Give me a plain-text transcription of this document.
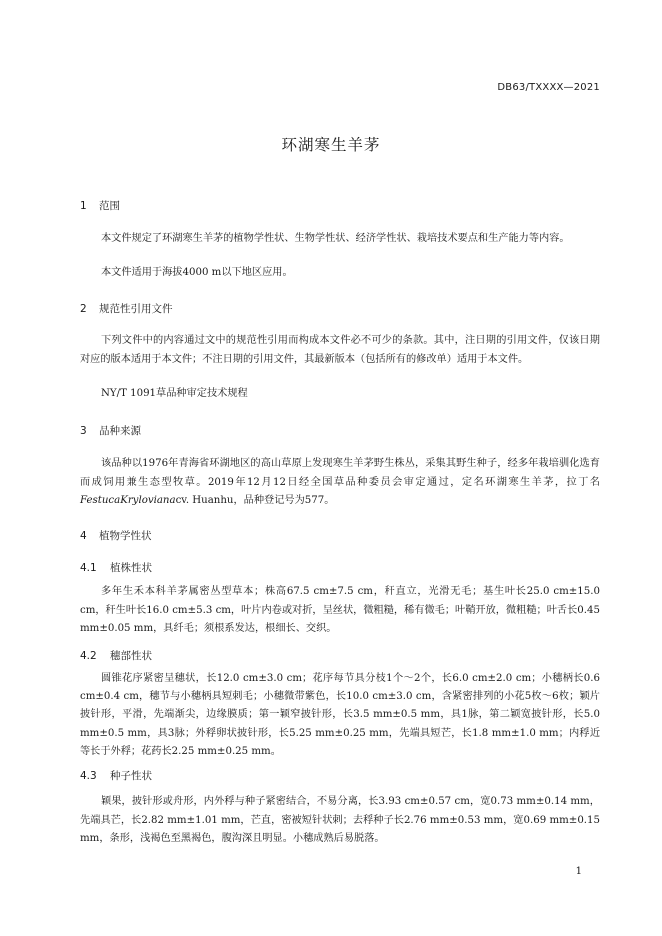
DB63/TXXXX—2021
环湖寒生羊茅
1 范围

本文件规定了环湖寒生羊茅的植物学性状、生物学性状、经济学性状、栽培技术要点和生产能力等内容。

本文件适用于海拔4000 m以下地区应用。

2 规范性引用文件

下列文件中的内容通过文中的规范性引用而构成本文件必不可少的条款。其中，注日期的引用文件，仅该日期对应的版本适用于本文件；不注日期的引用文件，其最新版本（包括所有的修改单）适用于本文件。

NY/T 1091草品种审定技术规程

3 品种来源

该品种以1976年青海省环湖地区的高山草原上发现寒生羊茅野生株丛，采集其野生种子，经多年栽培驯化选育而成饲用兼生态型牧草。2019年12月12日经全国草品种委员会审定通过，定名环湖寒生羊茅，拉丁名FestucaKrylovianacv. Huanhu，品种登记号为577。

4 植物学性状
4.1 植株性状

多年生禾本科羊茅属密丛型草本；株高67.5 cm±7.5 cm，秆直立，光滑无毛；基生叶长25.0 cm±15.0 cm，秆生叶长16.0 cm±5.3 cm，叶片内卷或对折，呈丝状，微粗糙，稀有微毛；叶鞘开放，微粗糙；叶舌长0.45 mm±0.05 mm，具纤毛；须根系发达，根细长、交织。

4.2 穗部性状

圆锥花序紧密呈穗状，长12.0 cm±3.0 cm；花序每节具分枝1个～2个，长6.0 cm±2.0 cm；小穗柄长0.6 cm±0.4 cm，穗节与小穗柄具短刺毛；小穗微带紫色，长10.0 cm±3.0 cm，含紧密排列的小花5枚～6枚；颖片披针形，平滑，先端渐尖，边缘膜质；第一颖窄披针形，长3.5 mm±0.5 mm，具1脉，第二颖宽披针形，长5.0 mm±0.5 mm，具3脉；外稃卵状披针形，长5.25 mm±0.25 mm，先端具短芒，长1.8 mm±1.0 mm；内稃近等长于外稃；花药长2.25 mm±0.25 mm。

4.3 种子性状

颖果，披针形或舟形，内外稃与种子紧密结合，不易分离，长3.93 cm±0.57 cm，宽0.73 mm±0.14 mm，先端具芒，长2.82 mm±1.01 mm，芒直，密被短针状刺；去稃种子长2.76 mm±0.53 mm，宽0.69 mm±0.15 mm，条形，浅褐色至黑褐色，腹沟深且明显。小穗成熟后易脱落。

1
